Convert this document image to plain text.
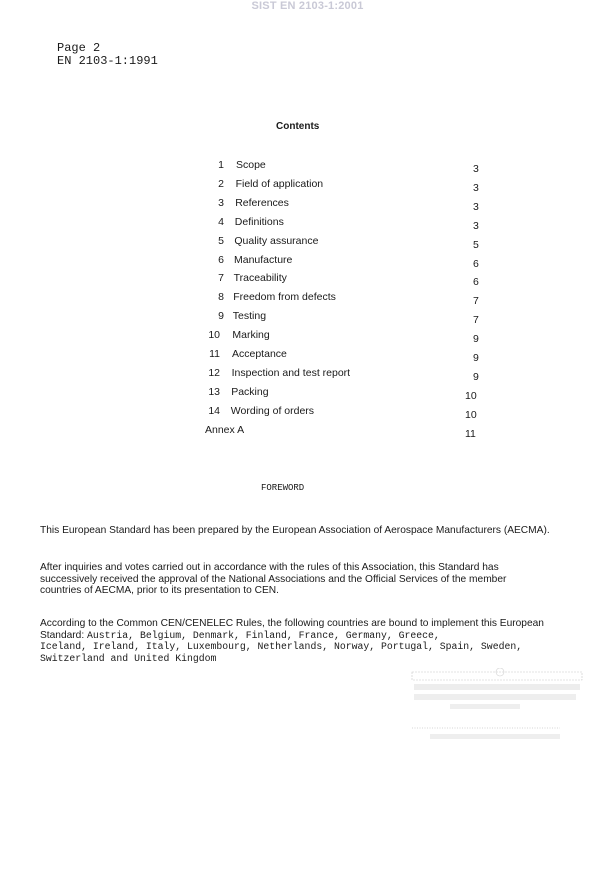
SIST EN 2103-1:2001
Page 2
EN 2103-1:1991
Contents
1 Scope	3
2 Field of application	3
3 References	3
4 Definitions	3
5 Quality assurance	5
6 Manufacture	6
7 Traceability	6
8 Freedom from defects	7
9 Testing	7
10 Marking	9
11 Acceptance	9
12 Inspection and test report	9
13 Packing	10
14 Wording of orders	10
Annex A	11
FOREWORD

This European Standard has been prepared by the European Association of Aerospace Manufacturers (AECMA).

After inquiries and votes carried out in accordance with the rules of this Association, this Standard has successively received the approval of the National Associations and the Official Services of the member countries of AECMA, prior to its presentation to CEN.

According to the Common CEN/CENELEC Rules, the following countries are bound to implement this European Standard: Austria, Belgium, Denmark, Finland, France, Germany, Greece,
Iceland, Ireland, Italy, Luxembourg, Netherlands, Norway, Portugal, Spain, Sweden,
Switzerland and United Kingdom
